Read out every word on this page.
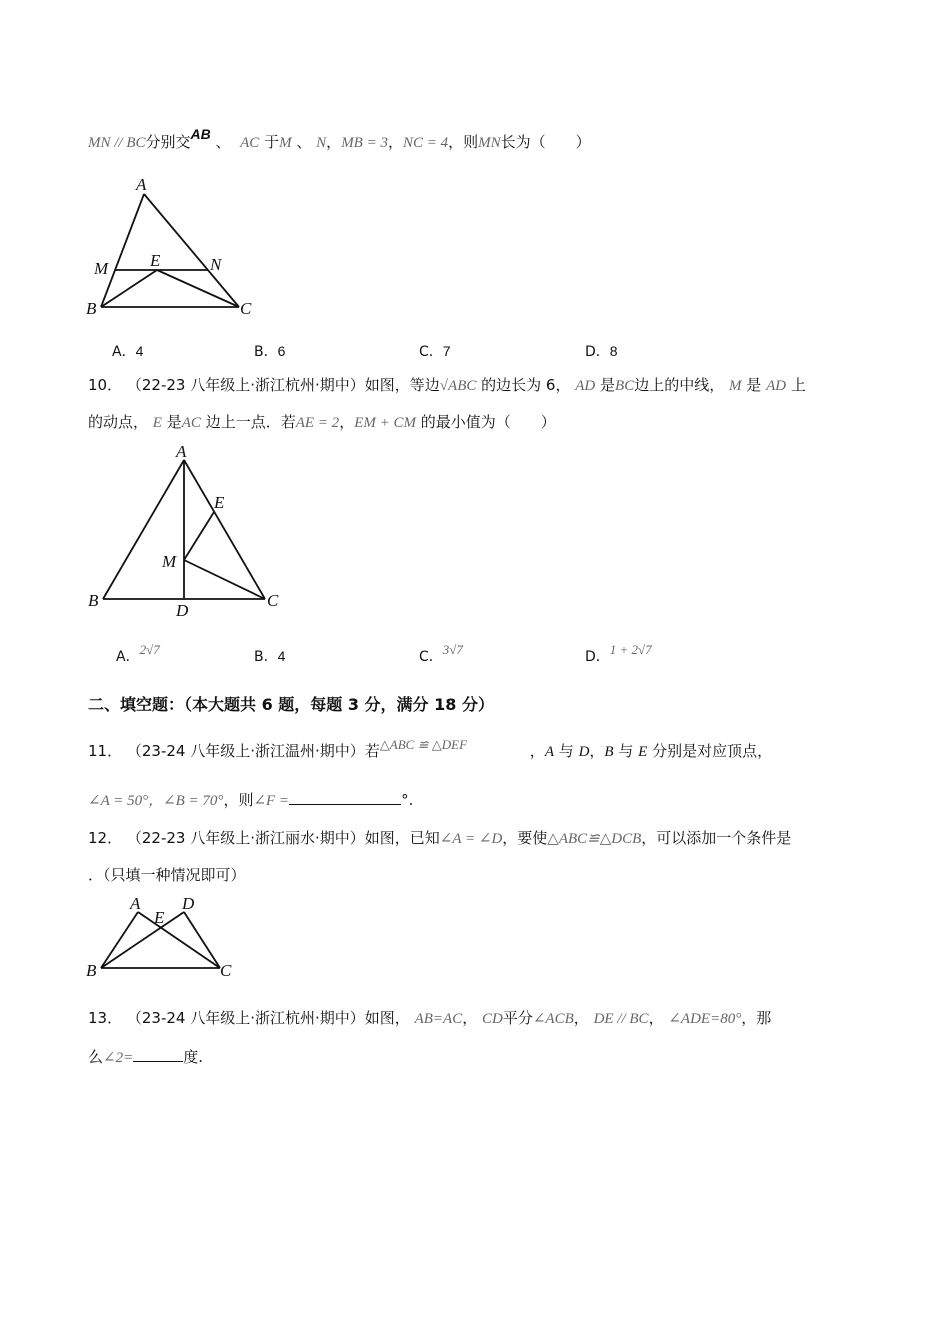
MN // BC分别交AB 、 AC 于M 、 N，MB = 3，NC = 4，则MN长为（　　）
A
M E	N
B	C
A．4	B．6	C．7	D．8
10． （22-23 八年级上·浙江杭州·期中）如图，等边√ABC 的边长为 6， AD 是BC边上的中线， M 是 AD 上
的动点， E 是AC 边上一点．若AE = 2，EM + CM 的最小值为（　　）
A
E
M
B
D
C
A．2√7	B．4	C．3√7	D．1 + 2√7
二、填空题：（本大题共 6 题，每题 3 分，满分 18 分）
11． （23-24 八年级上·浙江温州·期中）若△ABC ≌ △DEF	，A 与 D，B 与 E 分别是对应顶点，
∠A = 50°，∠B = 70°，则∠F =	°.
12． （22-23 八年级上·浙江丽水·期中）如图，已知∠A = ∠D，要使△ABC≌△DCB，可以添加一个条件是
．（只填一种情况即可）
A
E
D
B	C
13． （23-24 八年级上·浙江杭州·期中）如图， AB=AC， CD平分∠ACB， DE // BC， ∠ADE=80°，那
么∠2=	度.
